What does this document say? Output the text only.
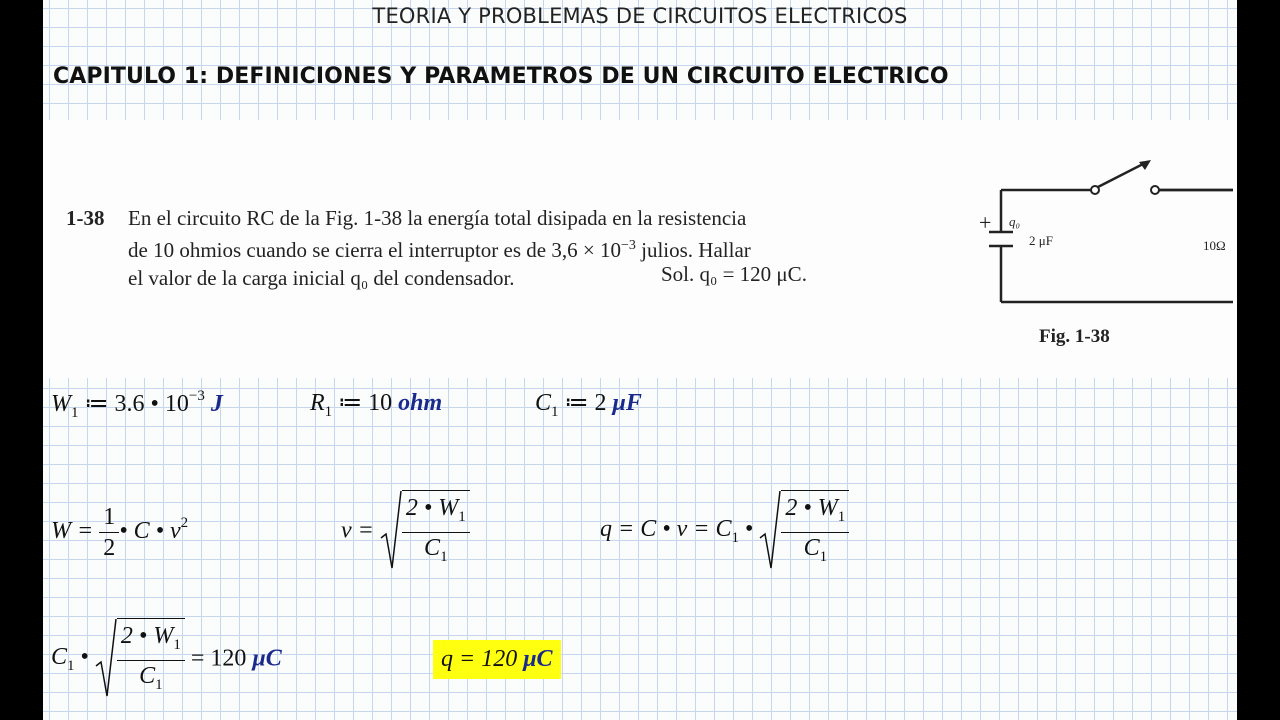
TEORIA Y PROBLEMAS DE CIRCUITOS ELECTRICOS
CAPITULO 1: DEFINICIONES Y PARAMETROS DE UN CIRCUITO ELECTRICO
1-38 En el circuito RC de la Fig. 1-38 la energía total disipada en la resistencia
de 10 ohmios cuando se cierra el interruptor es de $3,6 \times 10^{-3}$ julios. Hallar
el valor de la carga inicial q₀ del condensador.	Sol. q₀ = 120 μC.
+ q₀
2 μF	10Ω
Fig. 1-38
$W_1$ ≔ 3.6 • $10^{-3}$ J	$R_1$ ≔ 10 ohm	$C_1$ ≔ 2 μF
$W = \frac{1}{2}$ • C • $v^2$	$v = \frac{2 • W_1}{C_1}$	q = C • $v = C_1$ • $\frac{2 • W_1}{C_1}$
$C_1$ • $\frac{2 • W_1}{C_1} = 120$ μC	q = 120 μC
